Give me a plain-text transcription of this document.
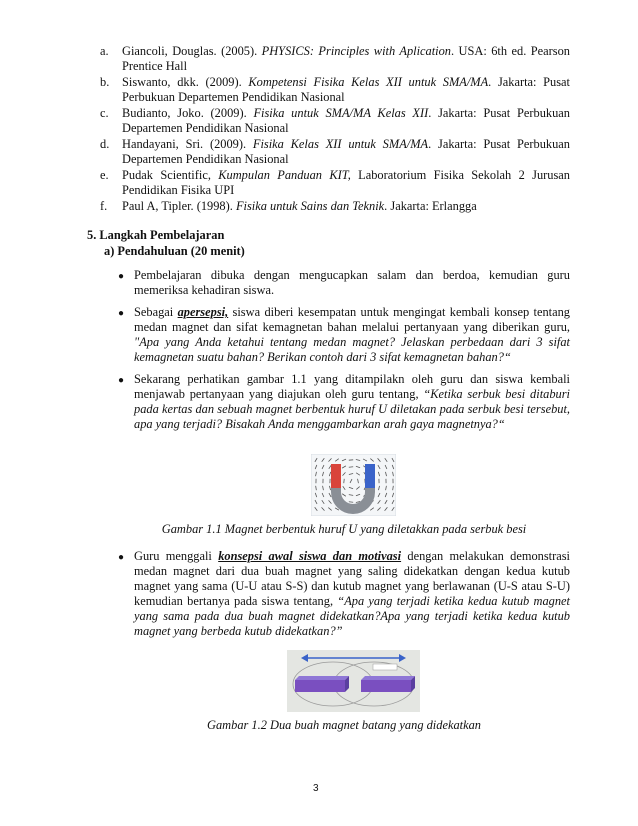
a.	Giancoli, Douglas. (2005). PHYSICS: Principles with Aplication. USA: 6th ed. Pearson Prentice Hall
b.	Siswanto, dkk. (2009). Kompetensi Fisika Kelas XII untuk SMA/MA. Jakarta: Pusat Perbukuan Departemen Pendidikan Nasional
c.	Budianto, Joko. (2009). Fisika untuk SMA/MA Kelas XII. Jakarta: Pusat Perbukuan Departemen Pendidikan Nasional
d.	Handayani, Sri. (2009). Fisika Kelas XII untuk SMA/MA. Jakarta: Pusat Perbukuan Departemen Pendidikan Nasional
e.	Pudak Scientific, Kumpulan Panduan KIT, Laboratorium Fisika Sekolah 2 Jurusan Pendidikan Fisika UPI
f.	Paul A, Tipler. (1998). Fisika untuk Sains dan Teknik. Jakarta: Erlangga
5. Langkah Pembelajaran
a) Pendahuluan (20 menit)
● Pembelajaran dibuka dengan mengucapkan salam dan berdoa, kemudian guru memeriksa kehadiran siswa.
● Sebagai apersepsi, siswa diberi kesempatan untuk mengingat kembali konsep tentang medan magnet dan sifat kemagnetan bahan melalui pertanyaan yang diberikan guru, "Apa yang Anda ketahui tentang medan magnet? Jelaskan perbedaan dari 3 sifat kemagnetan suatu bahan? Berikan contoh dari 3 sifat kemagnetan bahan?“
● Sekarang perhatikan gambar 1.1 yang ditampilakn oleh guru dan siswa kembali menjawab pertanyaan yang diajukan oleh guru tentang, “Ketika serbuk besi ditaburi pada kertas dan sebuah magnet berbentuk huruf U diletakan pada serbuk besi tersebut, apa yang terjadi? Bisakah Anda menggambarkan arah gaya magnetnya?“
Gambar 1.1 Magnet berbentuk huruf U yang diletakkan pada serbuk besi
● Guru menggali konsepsi awal siswa dan motivasi dengan melakukan demonstrasi medan magnet dari dua buah magnet yang saling didekatkan dengan kedua kutub magnet yang sama (U-U atau S-S) dan kutub magnet yang berlawanan (U-S atau S-U) kemudian bertanya pada siswa tentang, “Apa yang terjadi ketika kedua kutub magnet yang sama pada dua buah magnet didekatkan?Apa yang terjadi ketika kedua kutub magnet yang berbeda kutub didekatkan?”
Gambar 1.2 Dua buah magnet batang yang didekatkan
3
